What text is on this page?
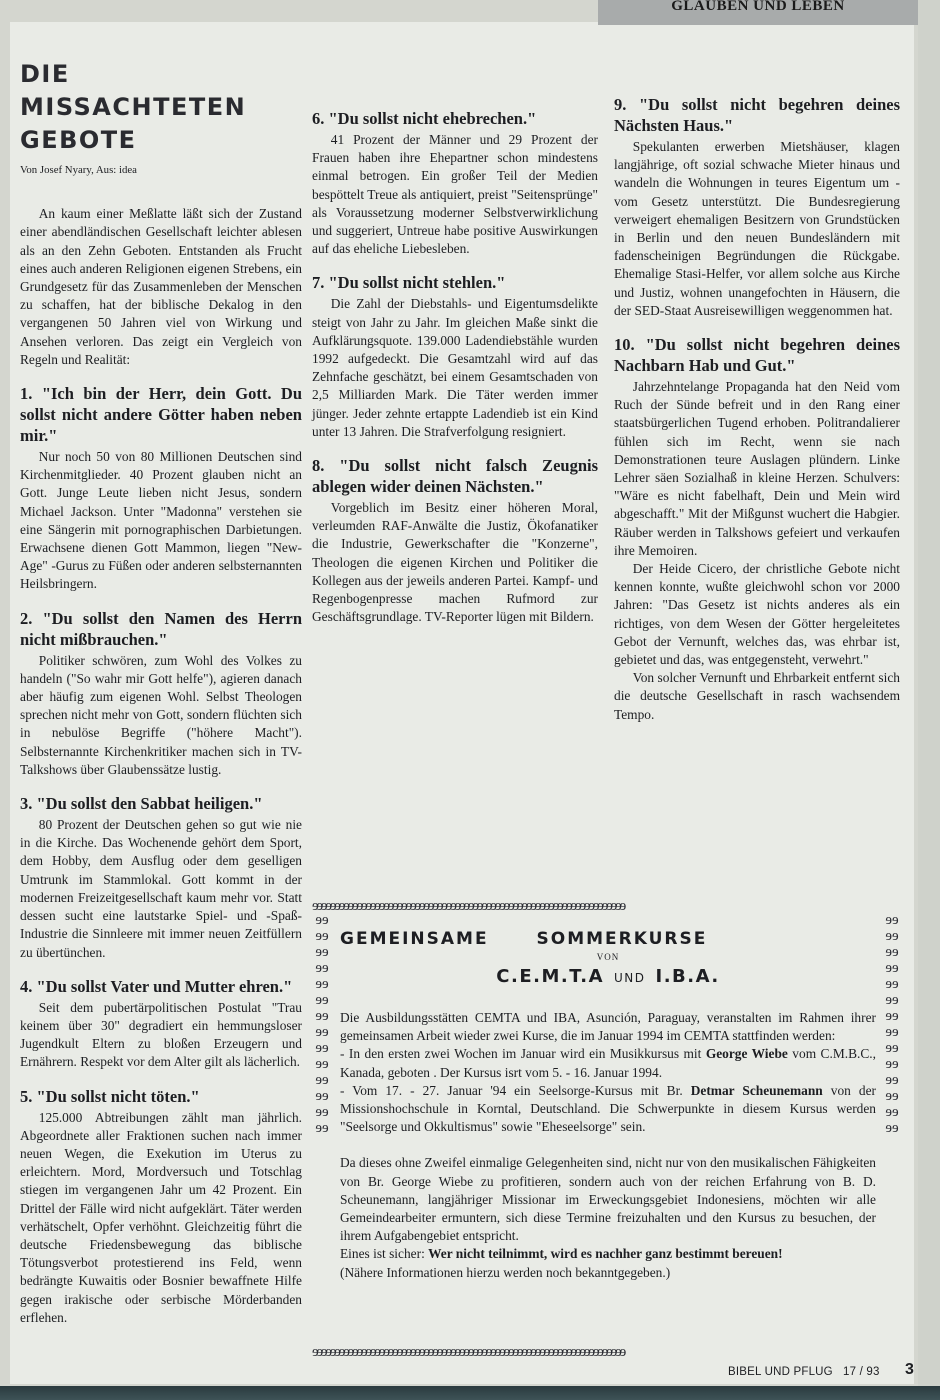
GLAUBEN UND LEBEN
DIE
MISSACHTETEN
GEBOTE

Von Josef Nyary, Aus: idea

An kaum einer Meßlatte läßt sich der Zustand einer abendländischen Gesellschaft leichter ablesen als an den Zehn Geboten. Entstanden als Frucht eines auch anderen Religionen eigenen Strebens, ein Grundgesetz für das Zusammenleben der Menschen zu schaffen, hat der biblische Dekalog in den vergangenen 50 Jahren viel von Wirkung und Ansehen verloren. Das zeigt ein Vergleich von Regeln und Realität:

1. "Ich bin der Herr, dein Gott. Du sollst nicht andere Götter haben neben mir."

Nur noch 50 von 80 Millionen Deutschen sind Kirchenmitglieder. 40 Prozent glauben nicht an Gott. Junge Leute lieben nicht Jesus, sondern Michael Jackson. Unter "Madonna" verstehen sie eine Sängerin mit pornographischen Darbietungen. Erwachsene dienen Gott Mammon, liegen "New-Age" -Gurus zu Füßen oder anderen selbsternannten Heilsbringern.

2. "Du sollst den Namen des Herrn nicht mißbrauchen."

Politiker schwören, zum Wohl des Volkes zu handeln ("So wahr mir Gott helfe"), agieren danach aber häufig zum eigenen Wohl. Selbst Theologen sprechen nicht mehr von Gott, sondern flüchten sich in nebulöse Begriffe ("höhere Macht"). Selbsternannte Kirchenkritiker machen sich in TV-Talkshows über Glaubenssätze lustig.

3. "Du sollst den Sabbat heiligen."

80 Prozent der Deutschen gehen so gut wie nie in die Kirche. Das Wochenende gehört dem Sport, dem Hobby, dem Ausflug oder dem geselligen Umtrunk im Stammlokal. Gott kommt in der modernen Freizeitgesellschaft kaum mehr vor. Statt dessen sucht eine lautstarke Spiel- und -Spaß-Industrie die Sinnleere mit immer neuen Zeitfüllern zu übertünchen.

4. "Du sollst Vater und Mutter ehren."

Seit dem pubertärpolitischen Postulat "Trau keinem über 30" degradiert ein hemmungsloser Jugendkult Eltern zu bloßen Erzeugern und Ernährern. Respekt vor dem Alter gilt als lächerlich.

5. "Du sollst nicht töten."

125.000 Abtreibungen zählt man jährlich. Abgeordnete aller Fraktionen suchen nach immer neuen Wegen, die Exekution im Uterus zu erleichtern. Mord, Mordversuch und Totschlag stiegen im vergangenen Jahr um 42 Prozent. Ein Drittel der Fälle wird nicht aufgeklärt. Täter werden verhätschelt, Opfer verhöhnt. Gleichzeitig führt die deutsche Friedensbewegung das biblische Tötungsverbot protestierend ins Feld, wenn bedrängte Kuwaitis oder Bosnier bewaffnete Hilfe gegen irakische oder serbische Mörderbanden erflehen.

6. "Du sollst nicht ehebrechen."

41 Prozent der Männer und 29 Prozent der Frauen haben ihre Ehepartner schon mindestens einmal betrogen. Ein großer Teil der Medien bespöttelt Treue als antiquiert, preist "Seitensprünge" als Voraussetzung moderner Selbstverwirklichung und suggeriert, Untreue habe positive Auswirkungen auf das eheliche Liebesleben.

7. "Du sollst nicht stehlen."

Die Zahl der Diebstahls- und Eigentumsdelikte steigt von Jahr zu Jahr. Im gleichen Maße sinkt die Aufklärungsquote. 139.000 Ladendiebstähle wurden 1992 aufgedeckt. Die Gesamtzahl wird auf das Zehnfache geschätzt, bei einem Gesamtschaden von 2,5 Milliarden Mark. Die Täter werden immer jünger. Jeder zehnte ertappte Ladendieb ist ein Kind unter 13 Jahren. Die Strafverfolgung resigniert.

8. "Du sollst nicht falsch Zeugnis ablegen wider deinen Nächsten."

Vorgeblich im Besitz einer höheren Moral, verleumden RAF-Anwälte die Justiz, Ökofanatiker die Industrie, Gewerkschafter die "Konzerne", Theologen die eigenen Kirchen und Politiker die Kollegen aus der jeweils anderen Partei. Kampf- und Regenbogenpresse machen Rufmord zur Geschäftsgrundlage. TV-Reporter lügen mit Bildern.

9. "Du sollst nicht begehren deines Nächsten Haus."

Spekulanten erwerben Mietshäuser, klagen langjährige, oft sozial schwache Mieter hinaus und wandeln die Wohnungen in teures Eigentum um - vom Gesetz unterstützt. Die Bundesregierung verweigert ehemaligen Besitzern von Grundstücken in Berlin und den neuen Bundesländern mit fadenscheinigen Begründungen die Rückgabe. Ehemalige Stasi-Helfer, vor allem solche aus Kirche und Justiz, wohnen unangefochten in Häusern, die der SED-Staat Ausreisewilligen weggenommen hat.

10. "Du sollst nicht begehren deines Nachbarn Hab und Gut."

Jahrzehntelange Propaganda hat den Neid vom Ruch der Sünde befreit und in den Rang einer staatsbürgerlichen Tugend erhoben. Politrandalierer fühlen sich im Recht, wenn sie nach Demonstrationen teure Auslagen plündern. Linke Lehrer säen Sozialhaß in kleine Herzen. Schulvers: "Wäre es nicht fabelhaft, Dein und Mein wird abgeschafft." Mit der Mißgunst wuchert die Habgier. Räuber werden in Talkshows gefeiert und verkaufen ihre Memoiren.

Der Heide Cicero, der christliche Gebote nicht kennen konnte, wußte gleichwohl schon vor 2000 Jahren: "Das Gesetz ist nichts anderes als ein richtiges, von dem Wesen der Götter hergeleitetes Gebot der Vernunft, welches das, was ehrbar ist, gebietet und das, was entgegensteht, verwehrt."

Von solcher Vernunft und Ehrbarkeit entfernt sich die deutsche Gesellschaft in rasch wachsendem Tempo.

ɘɘɘɘɘɘɘɘɘɘɘɘɘɘɘɘɘɘɘɘɘɘɘɘɘɘɘɘɘɘɘɘɘɘɘɘɘɘɘɘɘɘɘɘɘɘɘɘɘɘɘɘɘɘɘɘɘɘɘɘɘɘɘɘɘɘɘɘɘɘ
ɘɘɘɘɘɘɘɘɘɘɘɘɘɘɘɘɘɘɘɘɘɘɘɘɘɘɘɘ
ɘɘɘɘɘɘɘɘɘɘɘɘɘɘɘɘɘɘɘɘɘɘɘɘɘɘɘɘ
ɘɘɘɘɘɘɘɘɘɘɘɘɘɘɘɘɘɘɘɘɘɘɘɘɘɘɘɘɘɘɘɘɘɘɘɘɘɘɘɘɘɘɘɘɘɘɘɘɘɘɘɘɘɘɘɘɘɘɘɘɘɘɘɘɘɘɘɘɘɘ

GEMEINSAME SOMMERKURSE

VON

C.E.M.T.A UND I.B.A.

Die Ausbildungsstätten CEMTA und IBA, Asunción, Paraguay, veranstalten im Rahmen ihrer gemeinsamen Arbeit wieder zwei Kurse, die im Januar 1994 im CEMTA stattfinden werden:

- In den ersten zwei Wochen im Januar wird ein Musikkursus mit George Wiebe vom C.M.B.C., Kanada, geboten . Der Kursus isrt vom 5. - 16. Januar 1994.

- Vom 17. - 27. Januar '94 ein Seelsorge-Kursus mit Br. Detmar Scheunemann von der Missionshochschule in Korntal, Deutschland. Die Schwerpunkte in diesem Kursus werden "Seelsorge und Okkultismus" sowie "Eheseelsorge" sein.

Da dieses ohne Zweifel einmalige Gelegenheiten sind, nicht nur von den musikalischen Fähigkeiten von Br. George Wiebe zu profitieren, sondern auch von der reichen Erfahrung von B. D. Scheunemann, langjähriger Missionar im Erweckungsgebiet Indonesiens, möchten wir alle Gemeindearbeiter ermuntern, sich diese Termine freizuhalten und den Kursus zu besuchen, der ihrem Aufgabengebiet entspricht.

Eines ist sicher: Wer nicht teilnimmt, wird es nachher ganz bestimmt bereuen!

(Nähere Informationen hierzu werden noch bekanntgegeben.)

BIBEL UND PFLUG   17 / 93 3
